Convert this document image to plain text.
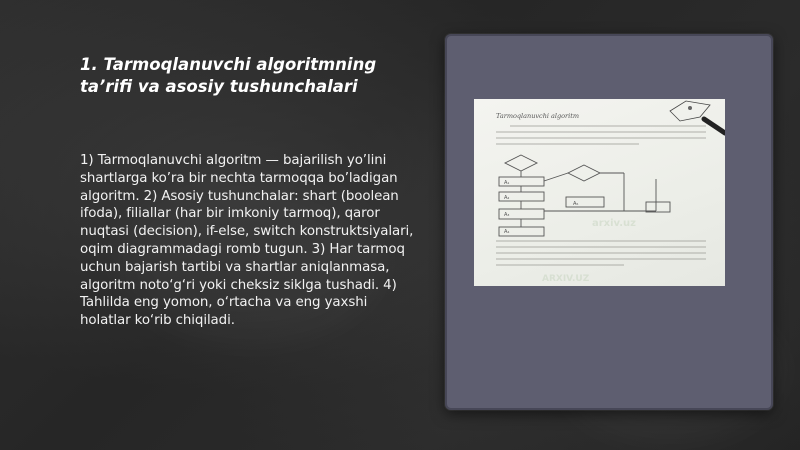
1. Tarmoqlanuvchi algoritmning ta’rifi va asosiy tushunchalari

1) Tarmoqlanuvchi algoritm — bajarilish yo’lini shartlarga ko’ra bir nechta tarmoqqa bo’ladigan algoritm. 2) Asosiy tushunchalar: shart (boolean ifoda), filiallar (har bir imkoniy tarmoq), qaror nuqtasi (decision), if-else, switch konstruktsiyalari, oqim diagrammadagi romb tugun. 3) Har tarmoq uchun bajarish tartibi va shartlar aniqlanmasa, algoritm noto‘g‘ri yoki cheksiz siklga tushadi. 4) Tahlilda eng yomon, o‘rtacha va eng yaxshi holatlar ko‘rib chiqiladi.

Tarmoqlanuvchi algoritm
A₁
A₂
A₃
A₄
A₅
arxiv.uz
ARXIV.UZ
